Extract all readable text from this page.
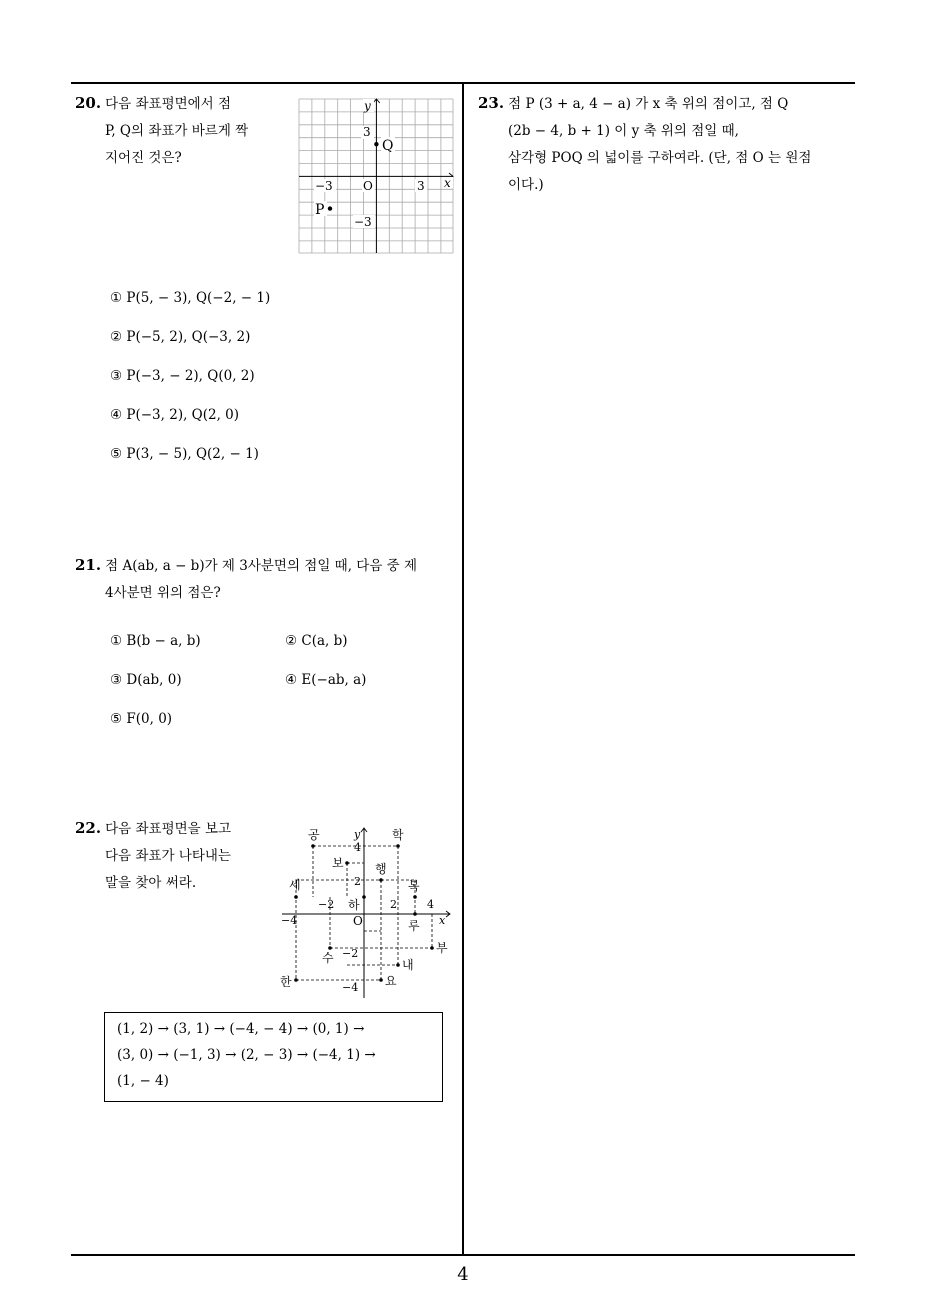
20. 다음 좌표평면에서 점
P, Q의 좌표가 바르게 짝
지어진 것은?
y
x
3
O
−3	3
−3
Q
P
① P(5, − 3), Q(−2, − 1)
② P(−5, 2), Q(−3, 2)
③ P(−3, − 2), Q(0, 2)
④ P(−3, 2), Q(2, 0)
⑤ P(3, − 5), Q(2, − 1)
21. 점 A(ab, a − b)가 제 3사분면의 점일 때, 다음 중 제
4사분면 위의 점은?
① B(b − a, b)	② C(a, b)
③ D(ab, 0)	④ E(−ab, a)
⑤ F(0, 0)
22. 다음 좌표평면을 보고
다음 좌표가 나타내는
말을 찾아 써라.
y
x
O
4
2
−2
−4
−4
−2	2	4
공	학
보	행
세	복
하
루
부
수	내
한	요
(1, 2) → (3, 1) → (−4, − 4) → (0, 1) →
(3, 0) → (−1, 3) → (2, − 3) → (−4, 1) →
(1, − 4)
23. 점 P (3 + a, 4 − a) 가 x 축 위의 점이고, 점 Q
(2b − 4, b + 1) 이 y 축 위의 점일 때,
삼각형 POQ 의 넓이를 구하여라. (단, 점 O 는 원점
이다.)
4
